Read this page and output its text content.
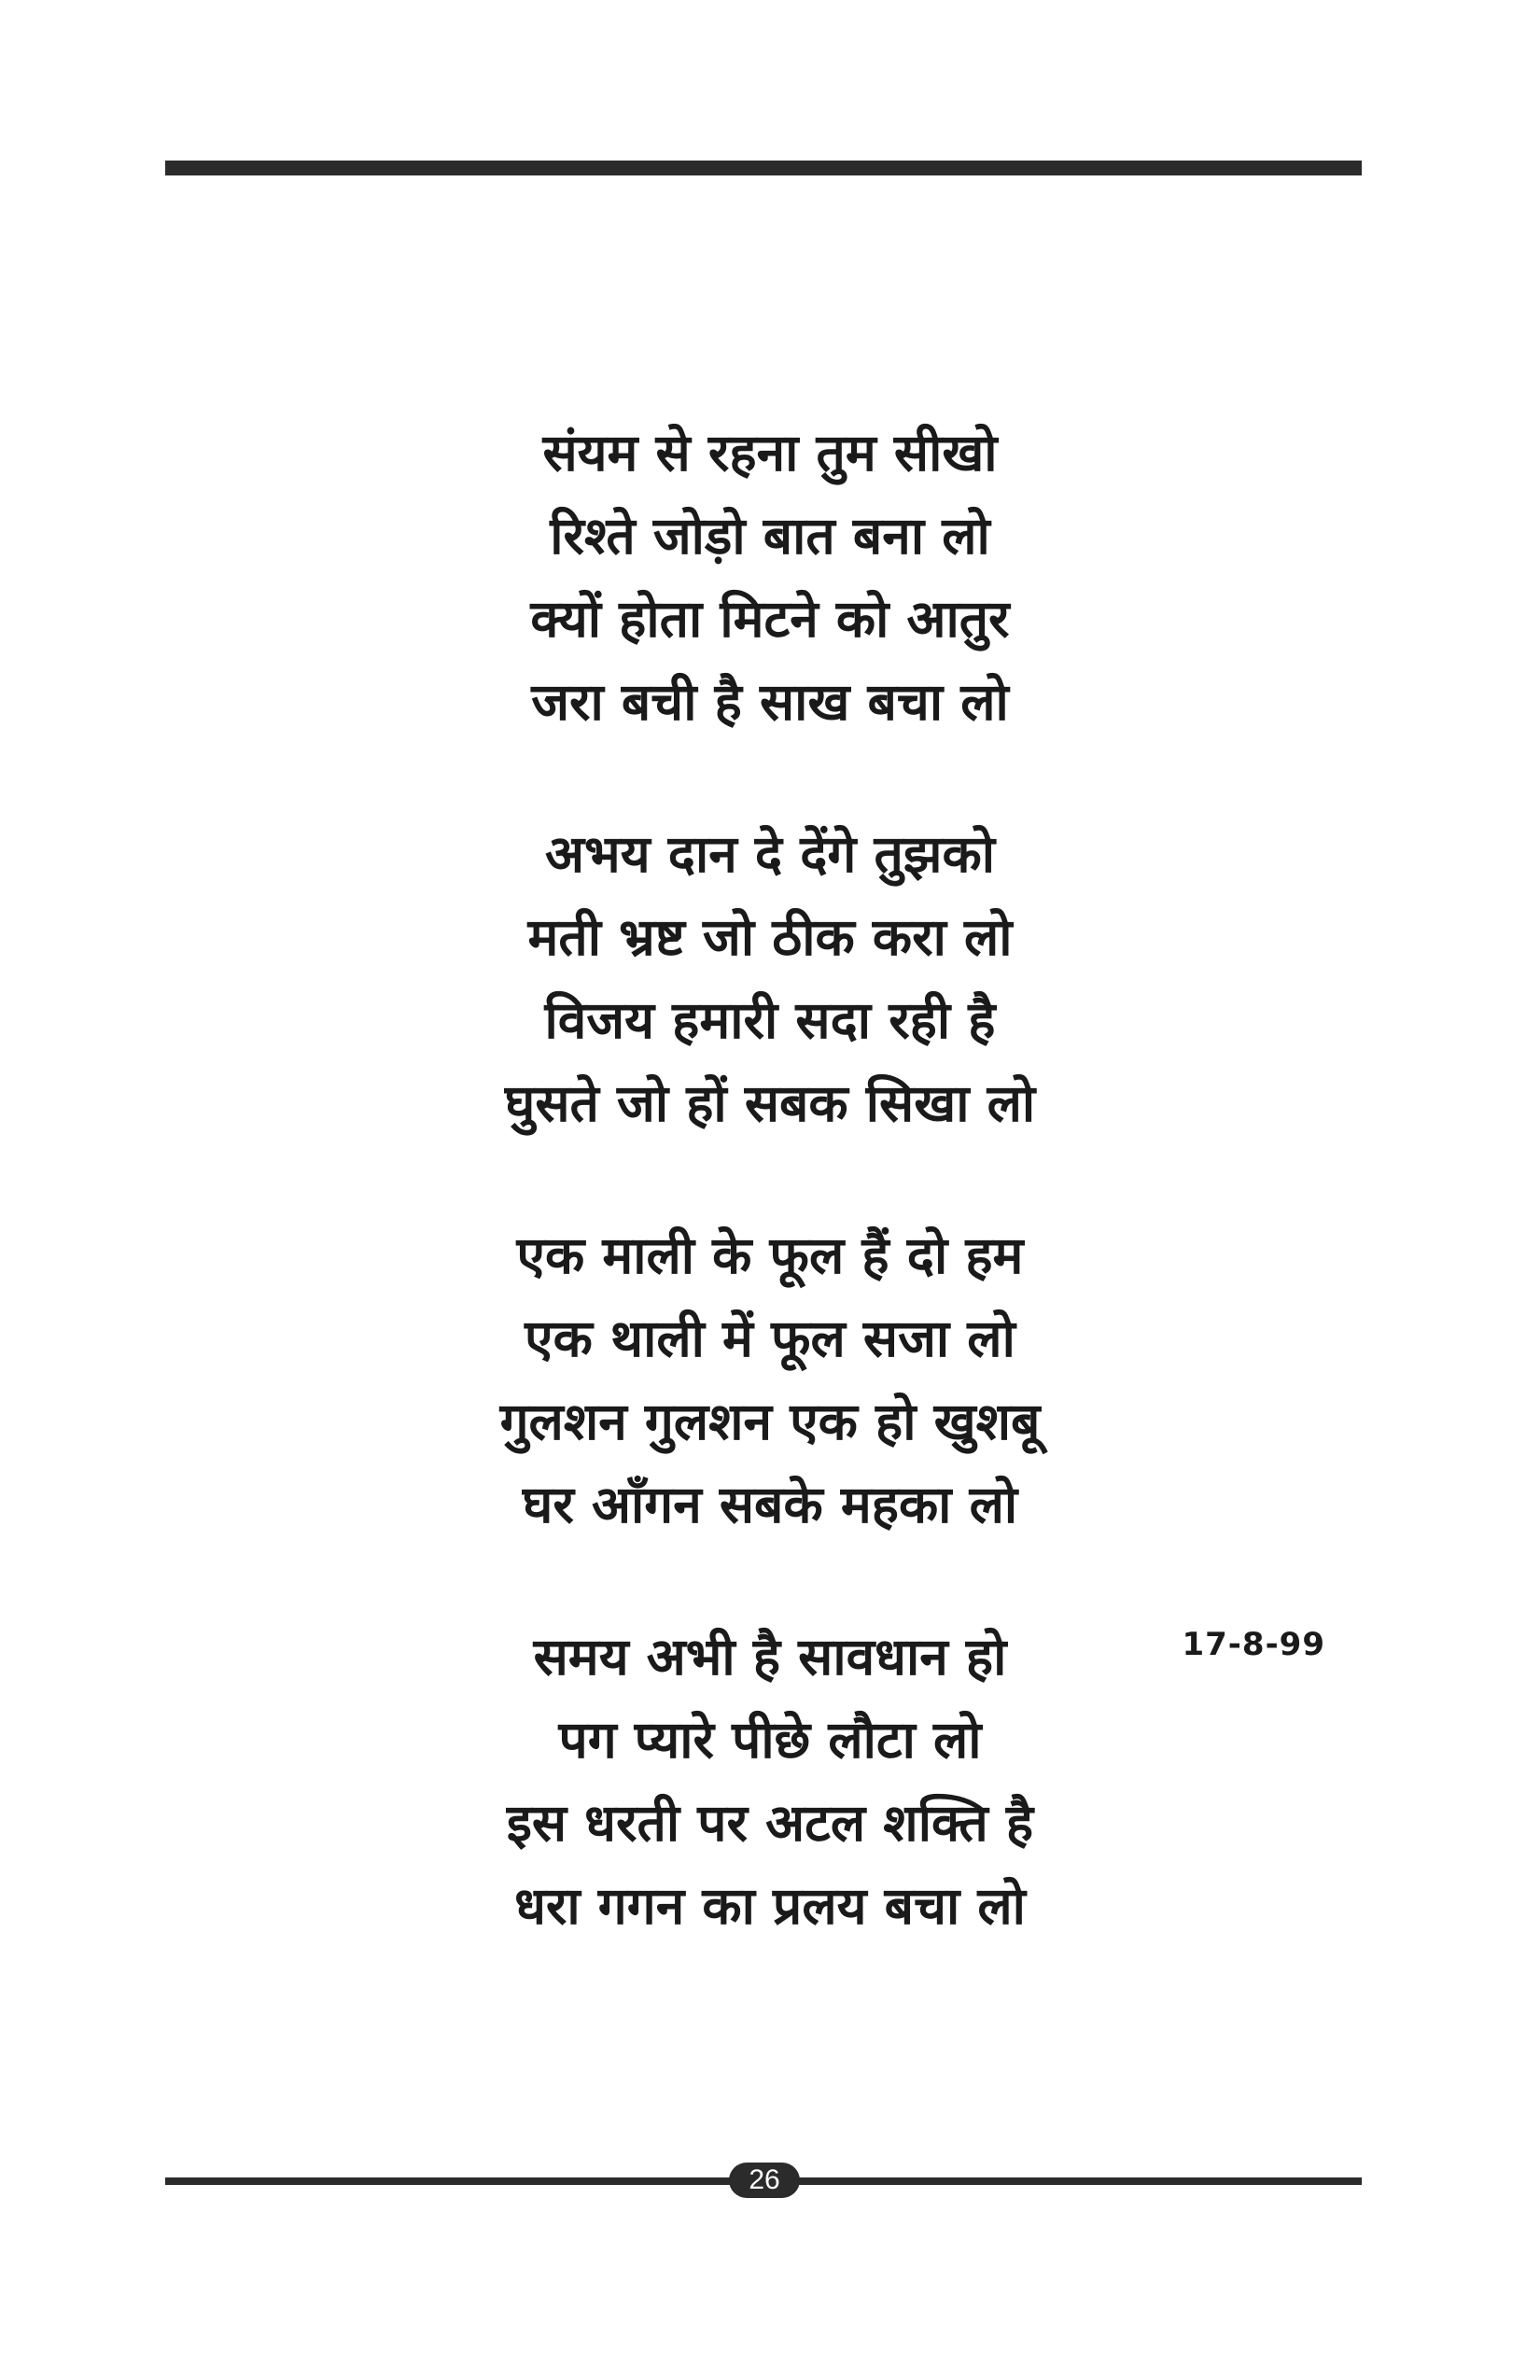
संयम से रहना तुम सीखो
रिश्ते जोड़ो बात बना लो
क्यों होता मिटने को आतुर
जरा बची है साख बचा लो
अभय दान दे देंगे तुझको
मती भ्रष्ट जो ठीक करा लो
विजय हमारी सदा रही है
घुसते जो हों सबक सिखा लो
एक माली के फूल हैं दो हम
एक थाली में फूल सजा लो
गुलशन गुलशन एक हो खुशबू
घर आँगन सबके महका लो
समय अभी है सावधान हो
पग प्यारे पीछे लौटा लो
इस धरती पर अटल शक्ति है
धरा गगन का प्रलय बचा लो
17-8-99
26
